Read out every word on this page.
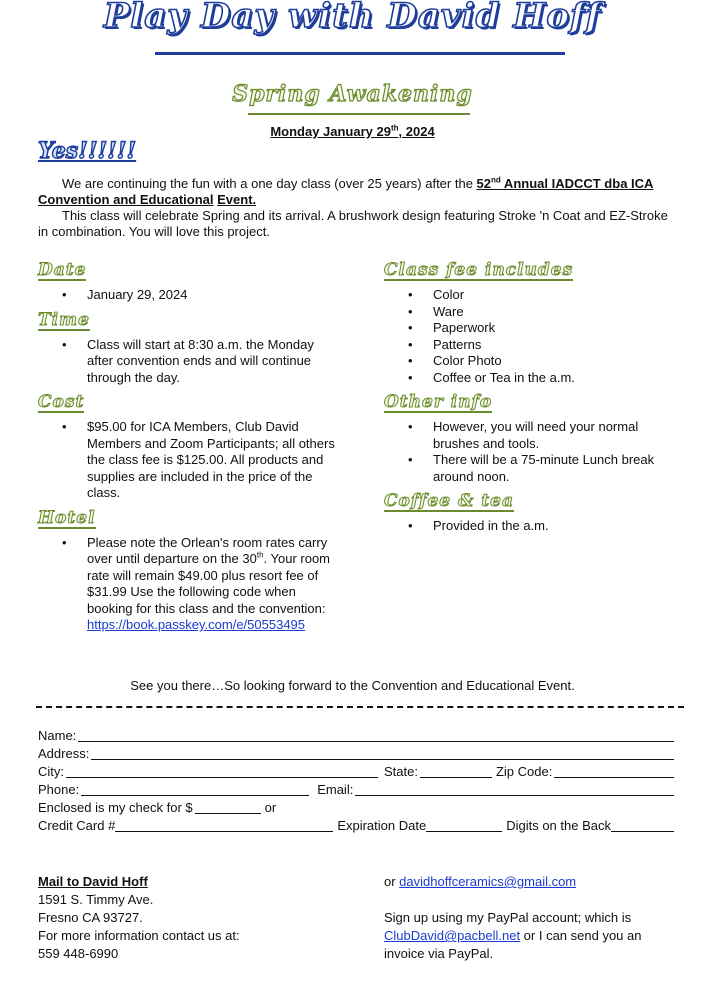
Play Day with David Hoff
Spring Awakening
Monday January 29th, 2024
Yes!!!!!!

We are continuing the fun with a one day class (over 25 years) after the 52nd Annual IADCCT dba ICA Convention and Educational Event.

This class will celebrate Spring and its arrival. A brushwork design featuring Stroke 'n Coat and EZ-Stroke in combination. You will love this project.

Date
• January 29, 2024
Time
• Class will start at 8:30 a.m. the Monday after convention ends and will continue through the day.
Cost
• $95.00 for ICA Members, Club David Members and Zoom Participants; all others the class fee is $125.00. All products and supplies are included in the price of the class.
Hotel
• Please note the Orlean's room rates carry over until departure on the 30th. Your room rate will remain $49.00 plus resort fee of $31.99 Use the following code when booking for this class and the convention: https://book.passkey.com/e/50553495
Class fee includes
• Color
• Ware
• Paperwork
• Patterns
• Color Photo
• Coffee or Tea in the a.m.
Other info
• However, you will need your normal brushes and tools.
• There will be a 75-minute Lunch break around noon.
Coffee & tea
• Provided in the a.m.
See you there…So looking forward to the Convention and Educational Event.
Name:
Address:
City:	State:	Zip Code:
Phone:	Email:
Enclosed is my check for $	or
Credit Card #	Expiration Date	Digits on the Back
Mail to David Hoff
1591 S. Timmy Ave.
Fresno CA 93727.
For more information contact us at:
559 448-6990
or davidhoffceramics@gmail.com
Sign up using my PayPal account; which is ClubDavid@pacbell.net or I can send you an invoice via PayPal.
